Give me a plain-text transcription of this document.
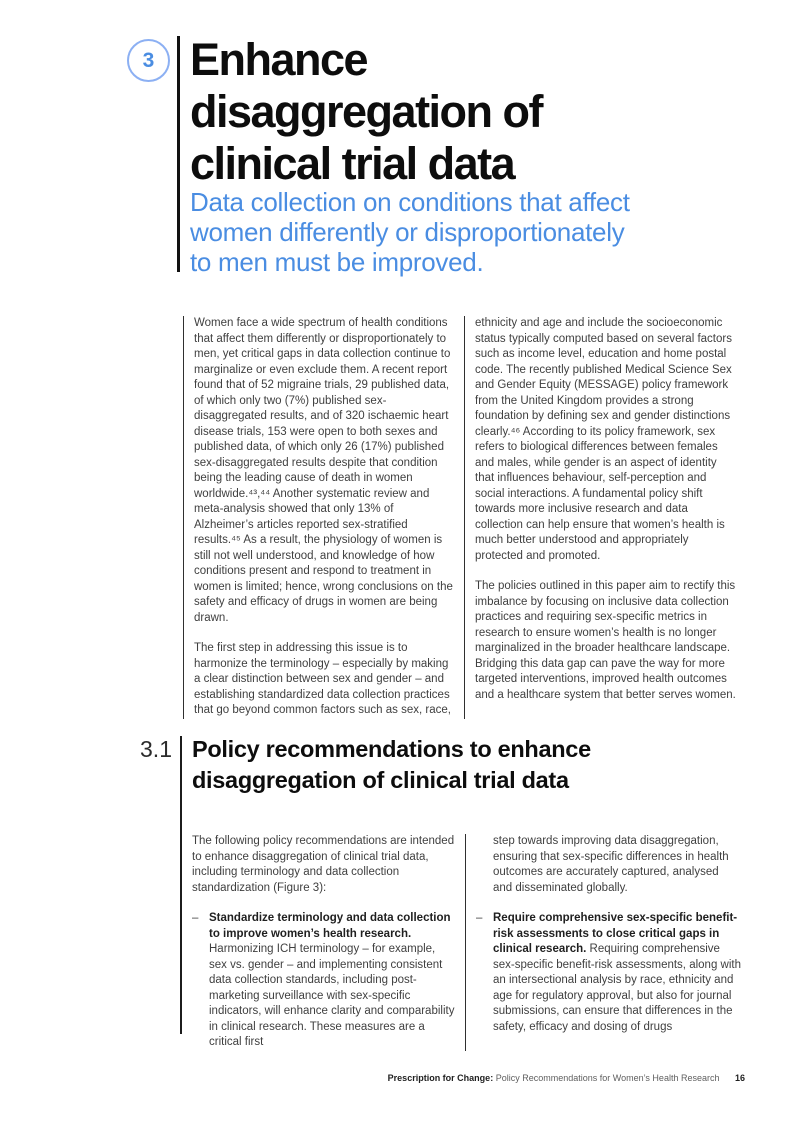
3 Enhance
disaggregation of
clinical trial data
Data collection on conditions that affect
women differently or disproportionately
to men must be improved.

Women face a wide spectrum of health conditions that affect them differently or disproportionately to men, yet critical gaps in data collection continue to marginalize or even exclude them. A recent report found that of 52 migraine trials, 29 published data, of which only two (7%) published sex-disaggregated results, and of 320 ischaemic heart disease trials, 153 were open to both sexes and published data, of which only 26 (17%) published sex-disaggregated results despite that condition being the leading cause of death in women worldwide.⁴³,⁴⁴ Another systematic review and meta-analysis showed that only 13% of Alzheimer’s articles reported sex-stratified results.⁴⁵ As a result, the physiology of women is still not well understood, and knowledge of how conditions present and respond to treatment in women is limited; hence, wrong conclusions on the safety and efficacy of drugs in women are being drawn.

The first step in addressing this issue is to harmonize the terminology – especially by making a clear distinction between sex and gender – and establishing standardized data collection practices that go beyond common factors such as sex, race,

ethnicity and age and include the socioeconomic status typically computed based on several factors such as income level, education and home postal code. The recently published Medical Science Sex and Gender Equity (MESSAGE) policy framework from the United Kingdom provides a strong foundation by defining sex and gender distinctions clearly.⁴⁶ According to its policy framework, sex refers to biological differences between females and males, while gender is an aspect of identity that influences behaviour, self-perception and social interactions. A fundamental policy shift towards more inclusive research and data collection can help ensure that women’s health is much better understood and appropriately protected and promoted.

The policies outlined in this paper aim to rectify this imbalance by focusing on inclusive data collection practices and requiring sex-specific metrics in research to ensure women’s health is no longer marginalized in the broader healthcare landscape. Bridging this data gap can pave the way for more targeted interventions, improved health outcomes and a healthcare system that better serves women.

3.1 Policy recommendations to enhance
disaggregation of clinical trial data

The following policy recommendations are intended to enhance disaggregation of clinical trial data, including terminology and data collection standardization (Figure 3):

– Standardize terminology and data collection to improve women’s health research. Harmonizing ICH terminology – for example, sex vs. gender – and implementing consistent data collection standards, including post-marketing surveillance with sex-specific indicators, will enhance clarity and comparability in clinical research. These measures are a critical first
step towards improving data disaggregation, ensuring that sex-specific differences in health outcomes are accurately captured, analysed and disseminated globally.
– Require comprehensive sex-specific benefit-risk assessments to close critical gaps in clinical research. Requiring comprehensive sex-specific benefit-risk assessments, along with an intersectional analysis by race, ethnicity and age for regulatory approval, but also for journal submissions, can ensure that differences in the safety, efficacy and dosing of drugs
Prescription for Change: Policy Recommendations for Women’s Health Research 16
